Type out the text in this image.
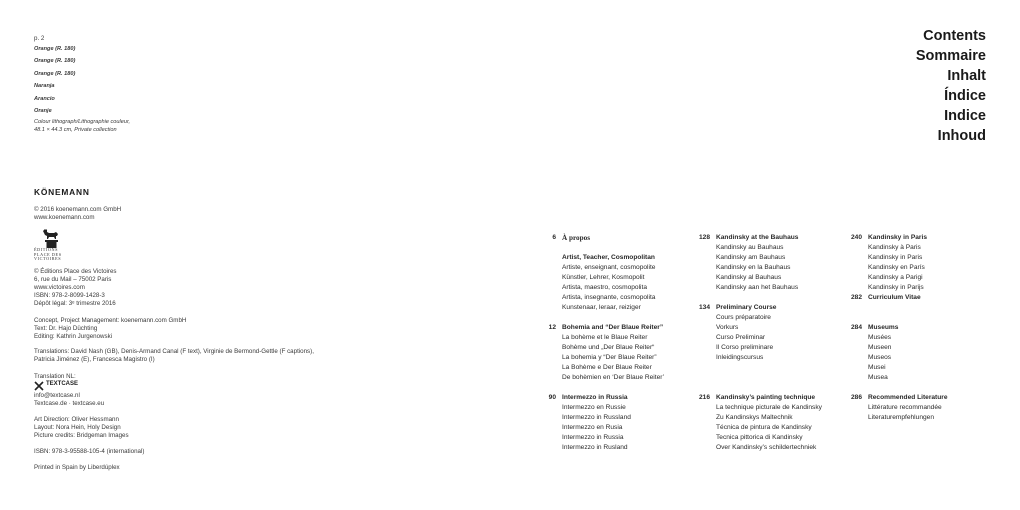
p. 2
Orange (R. 180)
Orange (R. 180)
Orange (R. 180)
Naranja
Arancio
Oranje
Colour lithograph/Lithographie couleur,
48.1 × 44.3 cm, Private collection
KÖNEMANN
© 2016 koenemann.com GmbH
www.koenemann.com
ÉDITIONS
PLACE DES
VICTOIRES
© Éditions Place des Victoires
6, rue du Mail – 75002 Paris
www.victoires.com
ISBN: 978-2-8099-1428-3
Dépôt légal: 3ᵉ trimestre 2016
Concept, Project Management: koenemann.com GmbH
Text: Dr. Hajo Düchting
Editing: Kathrin Jurgenowski
Translations: David Nash (GB), Denis-Armand Canal (F text), Virginie de Bermond-Gettle (F captions),
Patricia Jiménez (E), Francesca Magistro (I)
Translation NL:
TEXTCASE
info@textcase.nl
Textcase.de · textcase.eu
Art Direction: Oliver Hessmann
Layout: Nora Hein, Holy Design
Picture credits: Bridgeman Images
ISBN: 978-3-95588-105-4 (international)
Printed in Spain by Liberdúplex
Contents
Sommaire
Inhalt
Índice
Indice
Inhoud
6 À propos
Artist, Teacher, Cosmopolitan
Artiste, enseignant, cosmopolite
Künstler, Lehrer, Kosmopolit
Artista, maestro, cosmopolita
Artista, insegnante, cosmopolita
Kunstenaar, leraar, reiziger
12 Bohemia and “Der Blaue Reiter”
La bohème et le Blaue Reiter
Bohème und „Der Blaue Reiter“
La bohemia y “Der Blaue Reiter”
La Bohème e Der Blaue Reiter
De bohèmien en ‘Der Blaue Reiter’
90 Intermezzo in Russia
Intermezzo en Russie
Intermezzo in Russland
Intermezzo en Rusia
Intermezzo in Russia
Intermezzo in Rusland
128 Kandinsky at the Bauhaus
Kandinsky au Bauhaus
Kandinsky am Bauhaus
Kandinsky en la Bauhaus
Kandinsky al Bauhaus
Kandinsky aan het Bauhaus
134 Preliminary Course
Cours préparatoire
Vorkurs
Curso Preliminar
Il Corso preliminare
Inleidingscursus
216 Kandinsky’s painting technique
La technique picturale de Kandinsky
Zu Kandinskys Maltechnik
Técnica de pintura de Kandinsky
Tecnica pittorica di Kandinsky
Over Kandinsky’s schildertechniek
240 Kandinsky in Paris
Kandinsky à Paris
Kandinsky in Paris
Kandinsky en París
Kandinsky a Parigi
Kandinsky in Parijs
282 Curriculum Vitae
284 Museums
Musées
Museen
Museos
Musei
Musea
286 Recommended Literature
Littérature recommandée
Literaturempfehlungen
